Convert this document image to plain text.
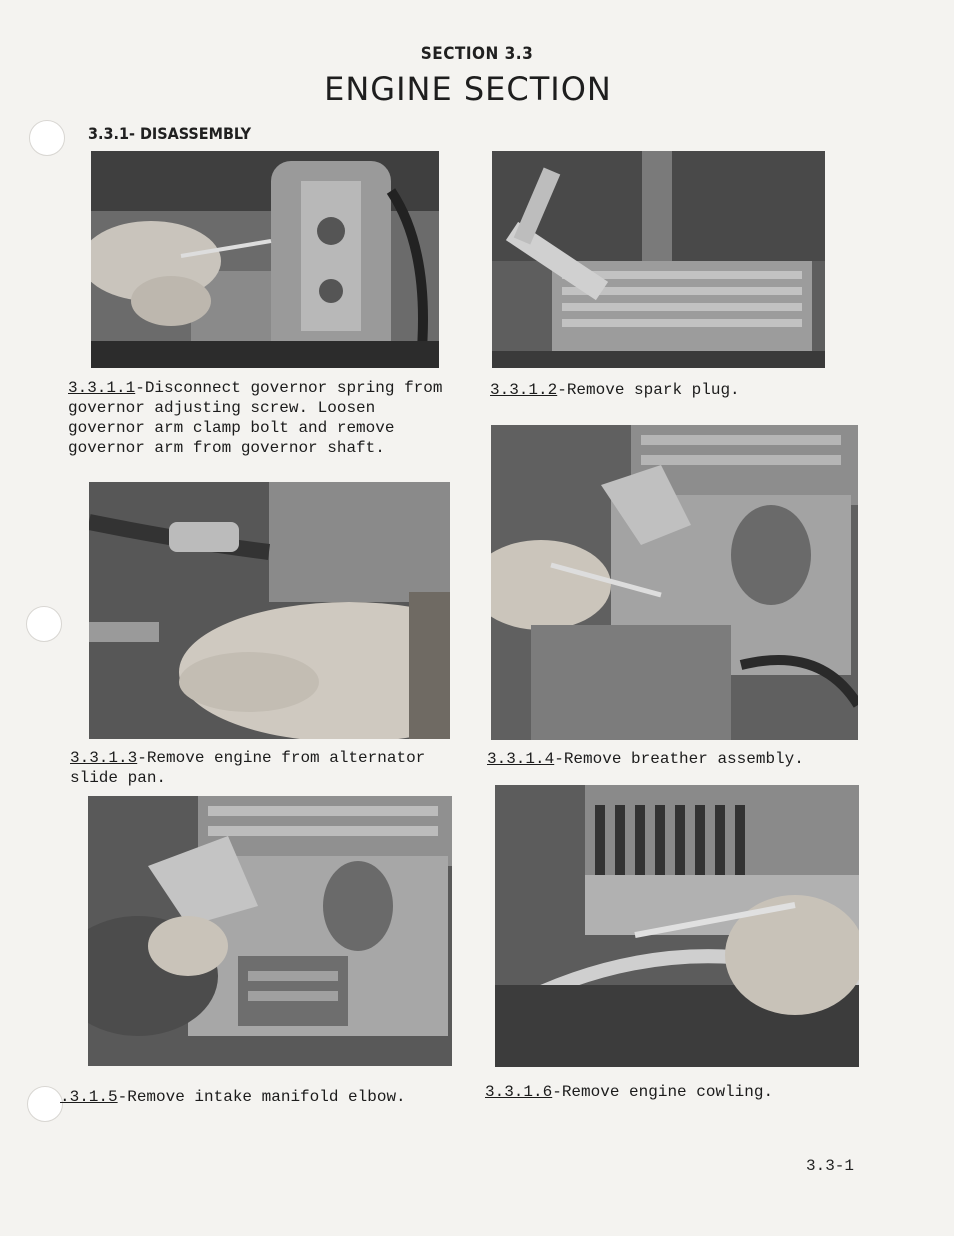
SECTION 3.3
ENGINE SECTION
3.3.1- DISASSEMBLY
3.3.1.1-Disconnect governor spring from governor adjusting screw. Loosen governor arm clamp bolt and remove governor arm from governor shaft.
3.3.1.2-Remove spark plug.
3.3.1.3-Remove engine from alternator slide pan.
3.3.1.4-Remove breather assembly.
.3.1.5-Remove intake manifold elbow.	3.3.1.6-Remove engine cowling.
3.3-1
